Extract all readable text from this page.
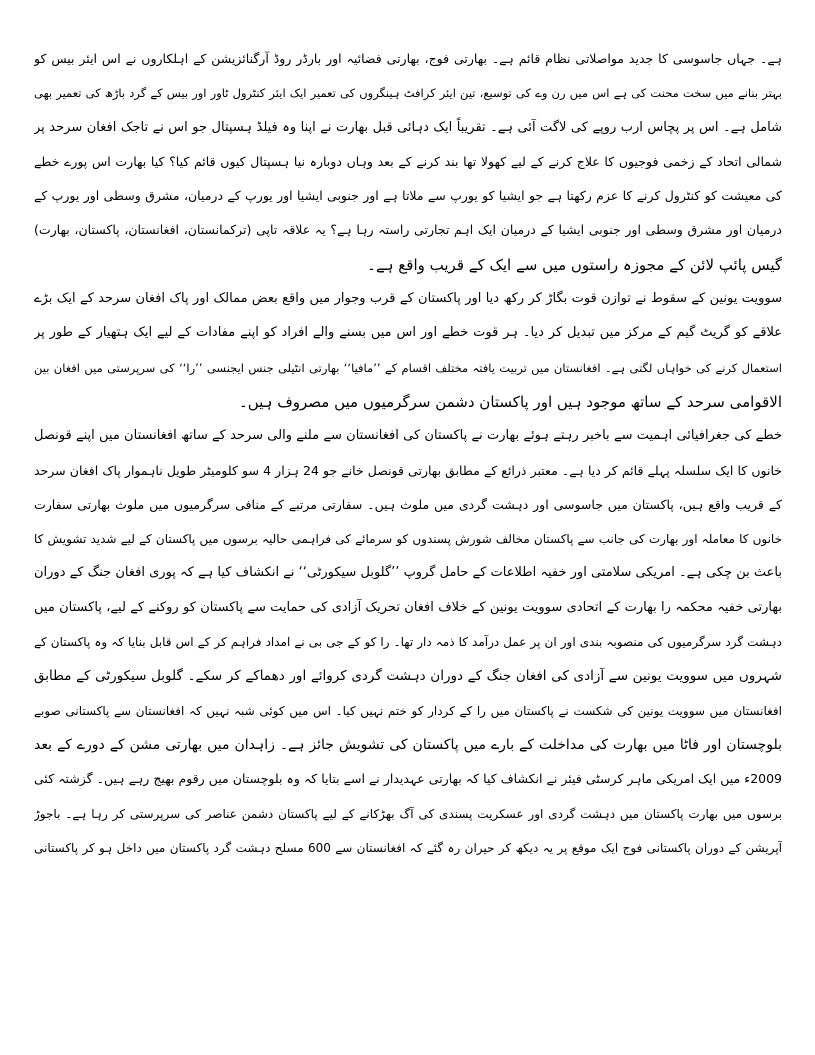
ہے۔ جہاں جاسوسی کا جدید مواصلاتی نظام قائم ہے۔ بھارتی فوج، بھارتی فضائیہ اور بارڈر روڈ آرگنائزیشن کے اہلکاروں نے اس ایئر بیس کو
بہتر بنانے میں سخت محنت کی ہے اس میں رن وے کی توسیع، تین ایئر کرافٹ ہینگروں کی تعمیر ایک ایئر کنٹرول ٹاور اور بیس کے گرد باڑھ کی تعمیر بھی
شامل ہے۔ اس پر پچاس ارب روپے کی لاگت آئی ہے۔ تقریباً ایک دہائی قبل بھارت نے اپنا وہ فیلڈ ہسپتال جو اس نے تاجک افغان سرحد پر
شمالی اتحاد کے زخمی فوجیوں کا علاج کرنے کے لیے کھولا تھا بند کرنے کے بعد وہاں دوبارہ نیا ہسپتال کیوں قائم کیا؟ کیا بھارت اس پورے خطے
کی معیشت کو کنٹرول کرنے کا عزم رکھتا ہے جو ایشیا کو یورپ سے ملاتا ہے اور جنوبی ایشیا اور یورپ کے درمیان، مشرق وسطی اور یورپ کے
درمیان اور مشرق وسطی اور جنوبی ایشیا کے درمیان ایک اہم تجارتی راستہ رہا ہے؟ یہ علاقہ تاپی (ترکمانستان، افغانستان، پاکستان، بھارت)
گیس پائپ لائن کے مجوزہ راستوں میں سے ایک کے قریب واقع ہے۔
سوویت یونین کے سقوط نے توازن قوت بگاڑ کر رکھ دیا اور پاکستان کے قرب وجوار میں واقع بعض ممالک اور پاک افغان سرحد کے ایک بڑے
علاقے کو گریٹ گیم کے مرکز میں تبدیل کر دیا۔ ہر قوت خطے اور اس میں بسنے والے افراد کو اپنے مفادات کے لیے ایک ہتھیار کے طور پر
استعمال کرنے کی خواہاں لگتی ہے۔ افغانستان میں تربیت یافتہ مختلف اقسام کے ’’مافیا‘‘ بھارتی انٹیلی جنس ایجنسی ’’را‘‘ کی سرپرستی میں افغان بین
الاقوامی سرحد کے ساتھ موجود ہیں اور پاکستان دشمن سرگرمیوں میں مصروف ہیں۔
خطے کی جغرافیائی اہمیت سے باخبر رہتے ہوئے بھارت نے پاکستان کی افغانستان سے ملنے والی سرحد کے ساتھ افغانستان میں اپنے قونصل
خانوں کا ایک سلسلہ پہلے قائم کر دیا ہے۔ معتبر ذرائع کے مطابق بھارتی قونصل خانے جو 24 ہزار 4 سو کلومیٹر طویل ناہموار پاک افغان سرحد
کے قریب واقع ہیں، پاکستان میں جاسوسی اور دہشت گردی میں ملوث ہیں۔ سفارتی مرتبے کے منافی سرگرمیوں میں ملوث بھارتی سفارت
خانوں کا معاملہ اور بھارت کی جانب سے پاکستان مخالف شورش پسندوں کو سرمائے کی فراہمی حالیہ برسوں میں پاکستان کے لیے شدید تشویش کا
باعث بن چکی ہے۔ امریکی سلامتی اور خفیہ اطلاعات کے حامل گروپ ’’گلوبل سیکورٹی‘‘ نے انکشاف کیا ہے کہ پوری افغان جنگ کے دوران
بھارتی خفیہ محکمہ را بھارت کے اتحادی سوویت یونین کے خلاف افغان تحریک آزادی کی حمایت سے پاکستان کو روکنے کے لیے، پاکستان میں
دہشت گرد سرگرمیوں کی منصوبہ بندی اور ان پر عمل درآمد کا ذمہ دار تھا۔ را کو کے جی بی نے امداد فراہم کر کے اس قابل بنایا کہ وہ پاکستان کے
شہروں میں سوویت یونین سے آزادی کی افغان جنگ کے دوران دہشت گردی کروائے اور دھماکے کر سکے۔ گلوبل سیکورٹی کے مطابق
افغانستان میں سوویت یونین کی شکست نے پاکستان میں را کے کردار کو ختم نہیں کیا۔ اس میں کوئی شبہ نہیں کہ افغانستان سے پاکستانی صوبے
بلوچستان اور فاٹا میں بھارت کی مداخلت کے بارے میں پاکستان کی تشویش جائز ہے۔ زاہدان میں بھارتی مشن کے دورے کے بعد
2009ء میں ایک امریکی ماہر کرسٹی فیئر نے انکشاف کیا کہ بھارتی عہدیدار نے اسے بتایا کہ وہ بلوچستان میں رقوم بھیج رہے ہیں۔ گزشتہ کئی
برسوں میں بھارت پاکستان میں دہشت گردی اور عسکریت پسندی کی آگ بھڑکانے کے لیے پاکستان دشمن عناصر کی سرپرستی کر رہا ہے۔ باجوڑ
آپریشن کے دوران پاکستانی فوج ایک موقع پر یہ دیکھ کر حیران رہ گئے کہ افغانستان سے 600 مسلح دہشت گرد پاکستان میں داخل ہو کر پاکستانی
